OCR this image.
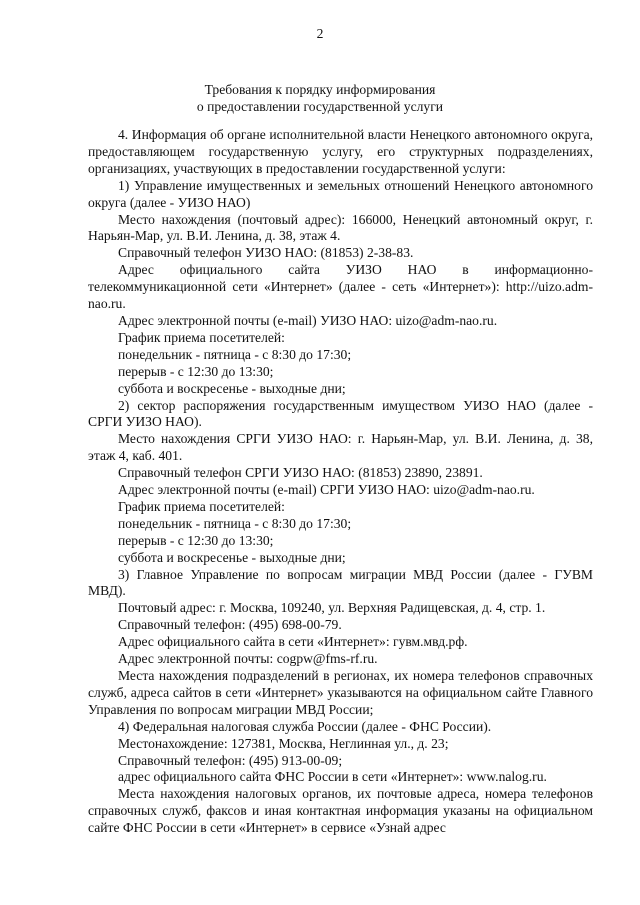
2
Требования к порядку информирования
о предоставлении государственной услуги

4. Информация об органе исполнительной власти Ненецкого автономного округа, предоставляющем государственную услугу, его структурных подразделениях, организациях, участвующих в предоставлении государственной услуги:

1) Управление имущественных и земельных отношений Ненецкого автономного округа (далее - УИЗО НАО)

Место нахождения (почтовый адрес): 166000, Ненецкий автономный округ, г. Нарьян-Мар, ул. В.И. Ленина, д. 38, этаж 4.

Справочный телефон УИЗО НАО: (81853) 2-38-83.

Адрес официального сайта УИЗО НАО в информационно-телекоммуникационной сети «Интернет» (далее - сеть «Интернет»): http://uizo.adm-nao.ru.

Адрес электронной почты (e-mail) УИЗО НАО: uizo@adm-nao.ru.

График приема посетителей:

понедельник - пятница - с 8:30 до 17:30;

перерыв - с 12:30 до 13:30;

суббота и воскресенье - выходные дни;

2) сектор распоряжения государственным имуществом УИЗО НАО (далее - СРГИ УИЗО НАО).

Место нахождения СРГИ УИЗО НАО: г. Нарьян-Мар, ул. В.И. Ленина, д. 38, этаж 4, каб. 401.

Справочный телефон СРГИ УИЗО НАО: (81853) 23890, 23891.

Адрес электронной почты (e-mail) СРГИ УИЗО НАО: uizo@adm-nao.ru.

График приема посетителей:

понедельник - пятница - с 8:30 до 17:30;

перерыв - с 12:30 до 13:30;

суббота и воскресенье - выходные дни;

3) Главное Управление по вопросам миграции МВД России (далее - ГУВМ МВД).

Почтовый адрес: г. Москва, 109240, ул. Верхняя Радищевская, д. 4, стр. 1.

Справочный телефон: (495) 698-00-79.

Адрес официального сайта в сети «Интернет»: гувм.мвд.рф.

Адрес электронной почты: cogpw@fms-rf.ru.

Места нахождения подразделений в регионах, их номера телефонов справочных служб, адреса сайтов в сети «Интернет» указываются на официальном сайте Главного Управления по вопросам миграции МВД России;

4) Федеральная налоговая служба России (далее - ФНС России).

Местонахождение: 127381, Москва, Неглинная ул., д. 23;

Справочный телефон: (495) 913-00-09;

адрес официального сайта ФНС России в сети «Интернет»: www.nalog.ru.

Места нахождения налоговых органов, их почтовые адреса, номера телефонов справочных служб, факсов и иная контактная информация указаны на официальном сайте ФНС России в сети «Интернет» в сервисе «Узнай адрес
